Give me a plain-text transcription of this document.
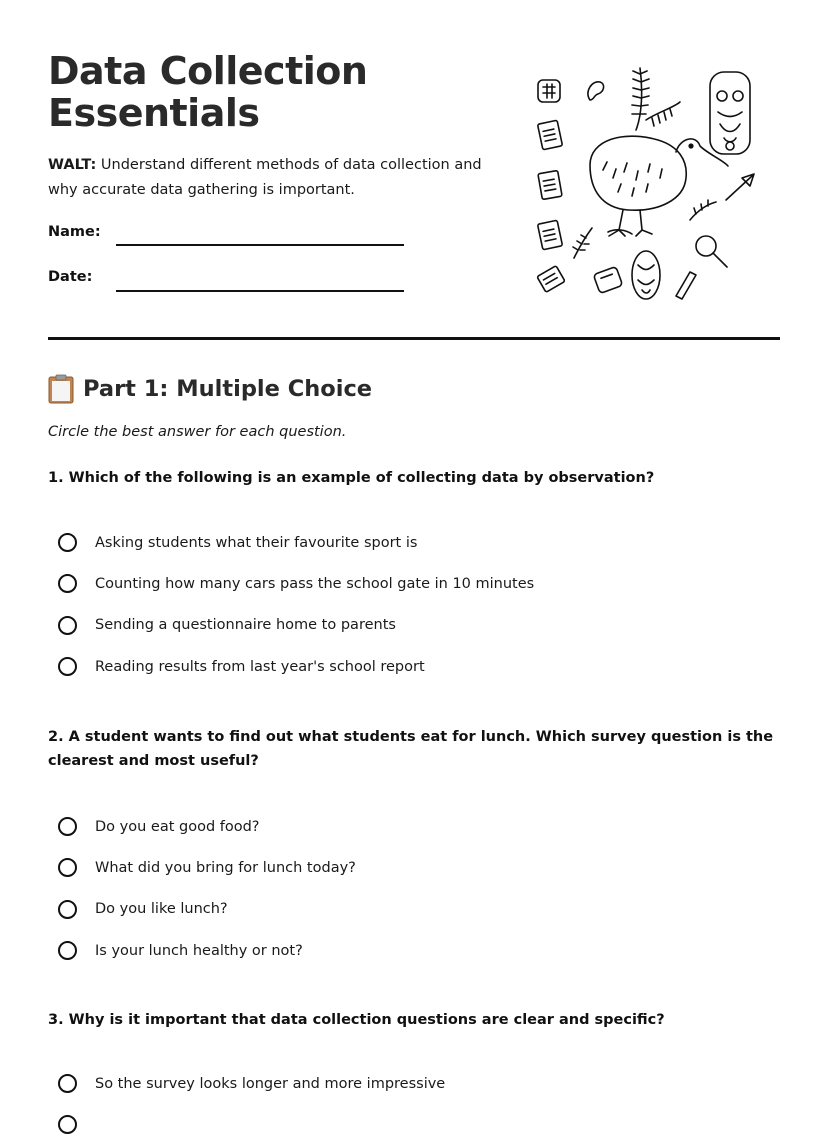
Data Collection Essentials
WALT: Understand different methods of data collection and why accurate data gathering is important.
Name:
Date:
Part 1: Multiple Choice
Circle the best answer for each question.
1. Which of the following is an example of collecting data by observation?
Asking students what their favourite sport is
Counting how many cars pass the school gate in 10 minutes
Sending a questionnaire home to parents
Reading results from last year's school report
2. A student wants to find out what students eat for lunch. Which survey question is the clearest and most useful?
Do you eat good food?
What did you bring for lunch today?
Do you like lunch?
Is your lunch healthy or not?
3. Why is it important that data collection questions are clear and specific?
So the survey looks longer and more impressive
